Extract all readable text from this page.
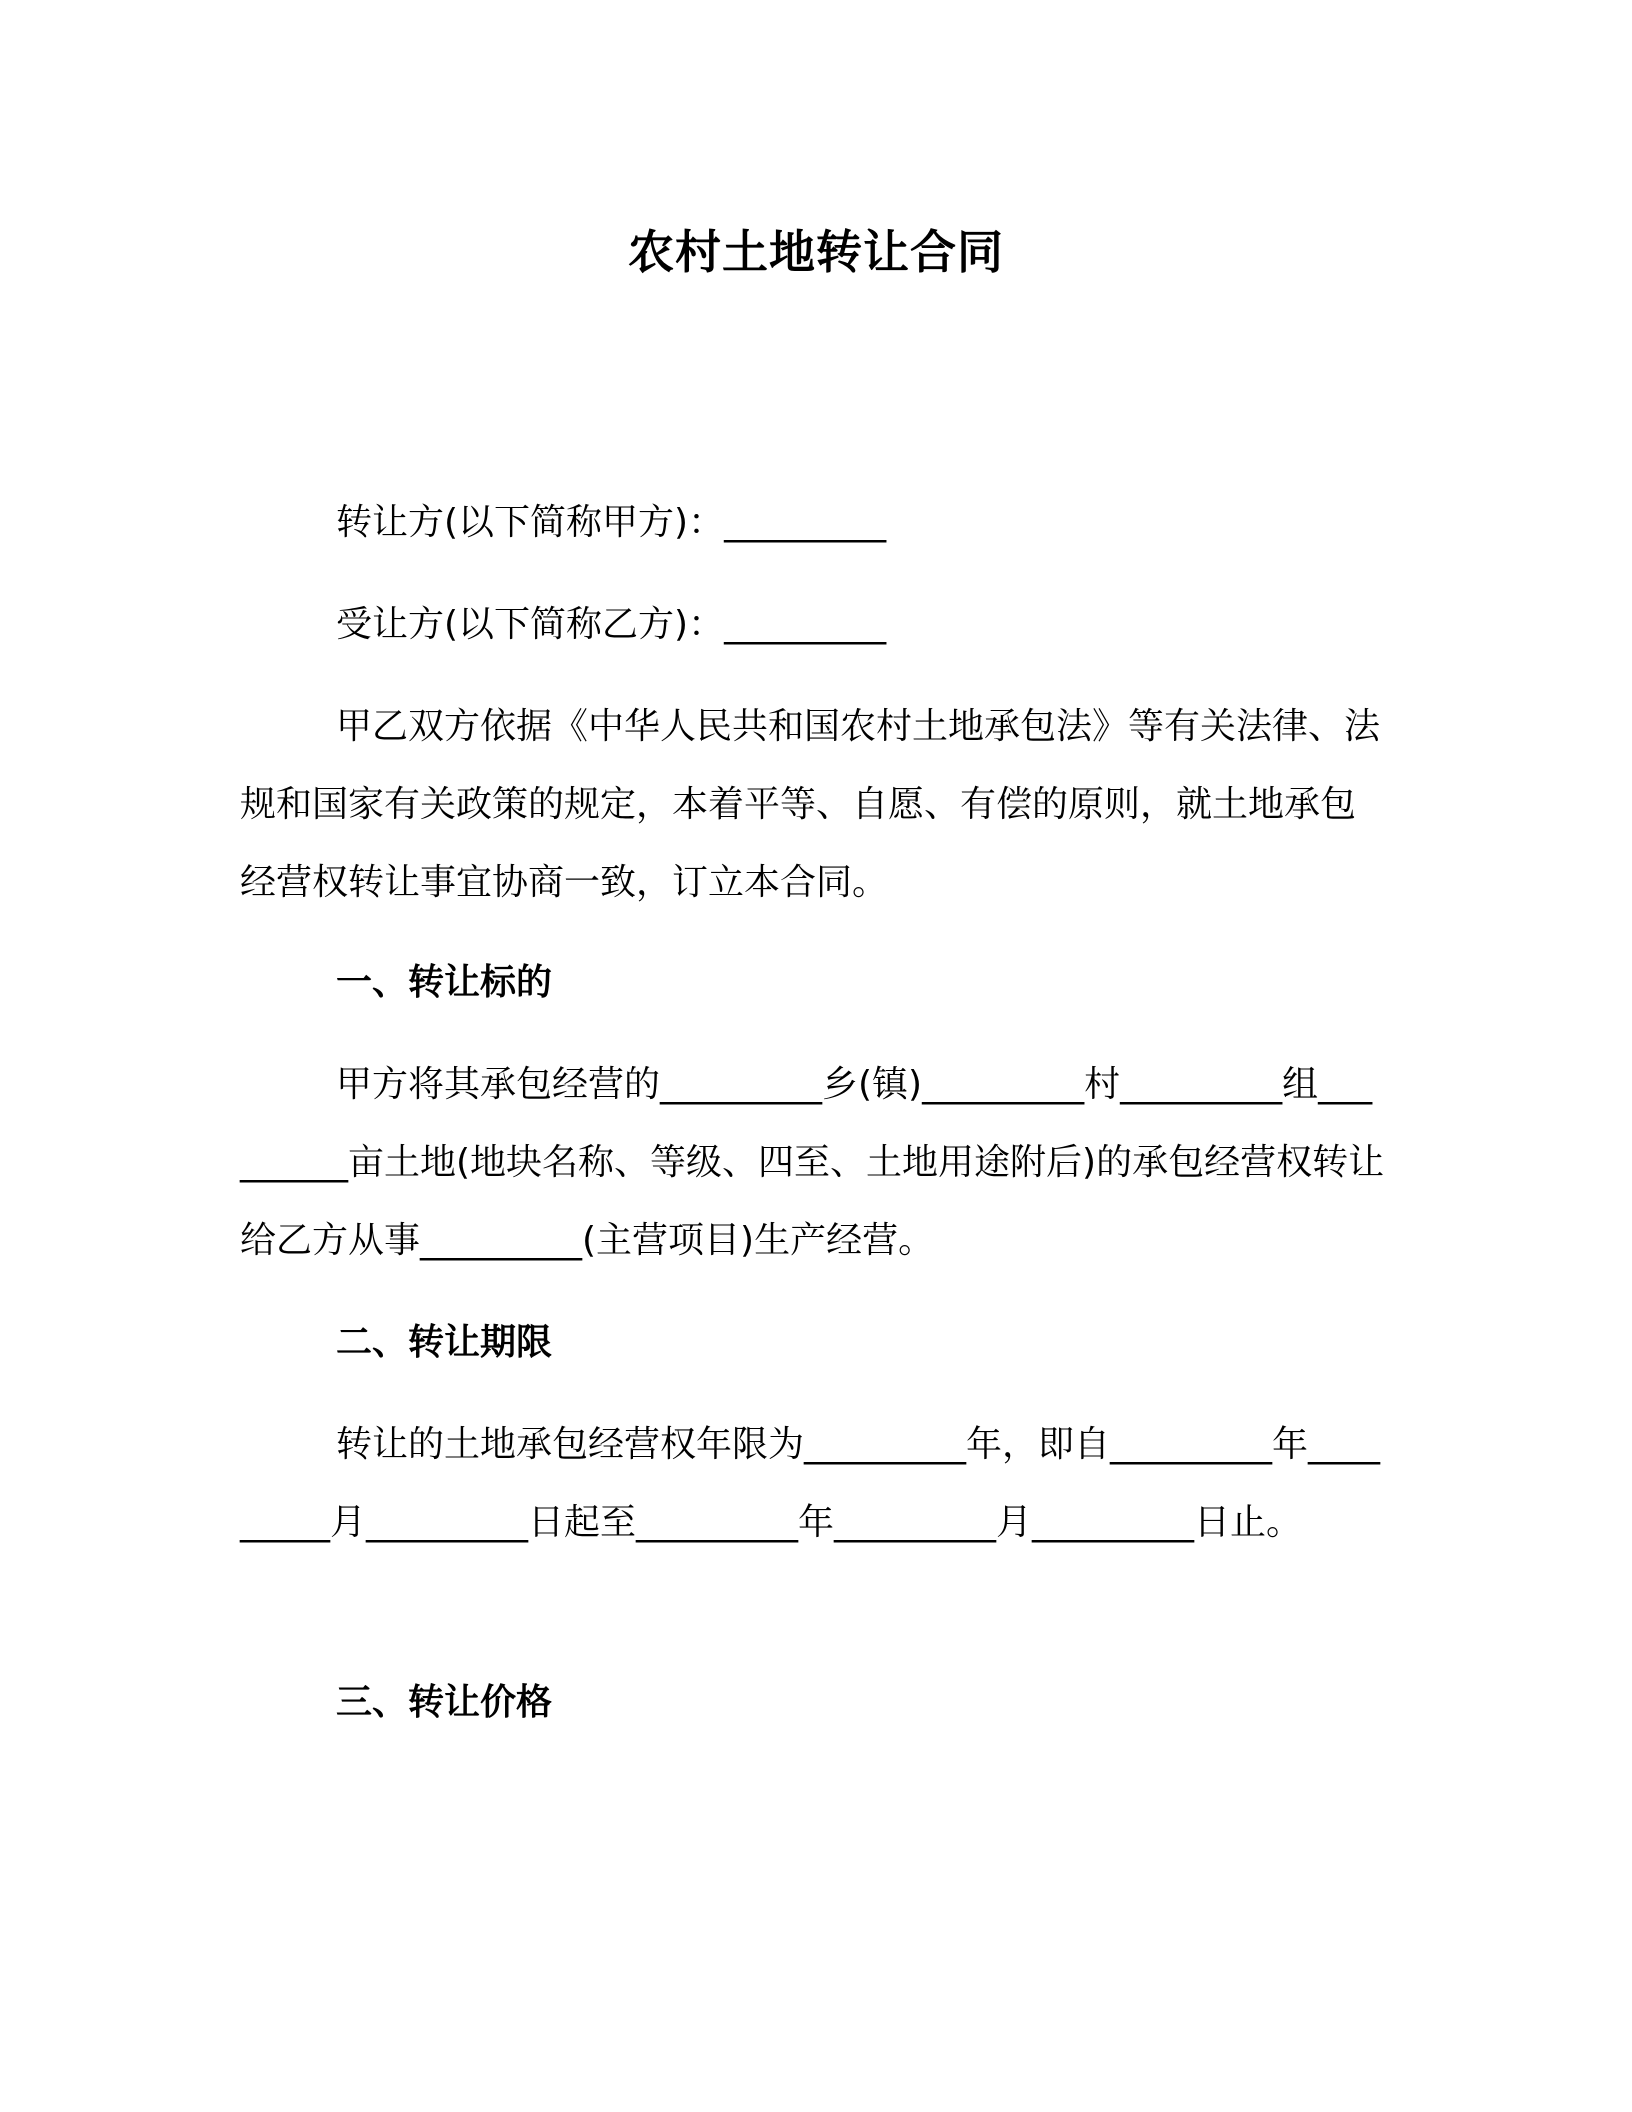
农村土地转让合同
转让方(以下简称甲方)：_________
受让方(以下简称乙方)：_________
甲乙双方依据《中华人民共和国农村土地承包法》等有关法律、法规和国家有关政策的规定，本着平等、自愿、有偿的原则，就土地承包经营权转让事宜协商一致，订立本合同。
一、转让标的
甲方将其承包经营的_________乡(镇)_________村_________组_________亩土地(地块名称、等级、四至、土地用途附后)的承包经营权转让给乙方从事_________(主营项目)生产经营。
二、转让期限
转让的土地承包经营权年限为_________年，即自_________年_________月_________日起至_________年_________月_________日止。
三、转让价格
